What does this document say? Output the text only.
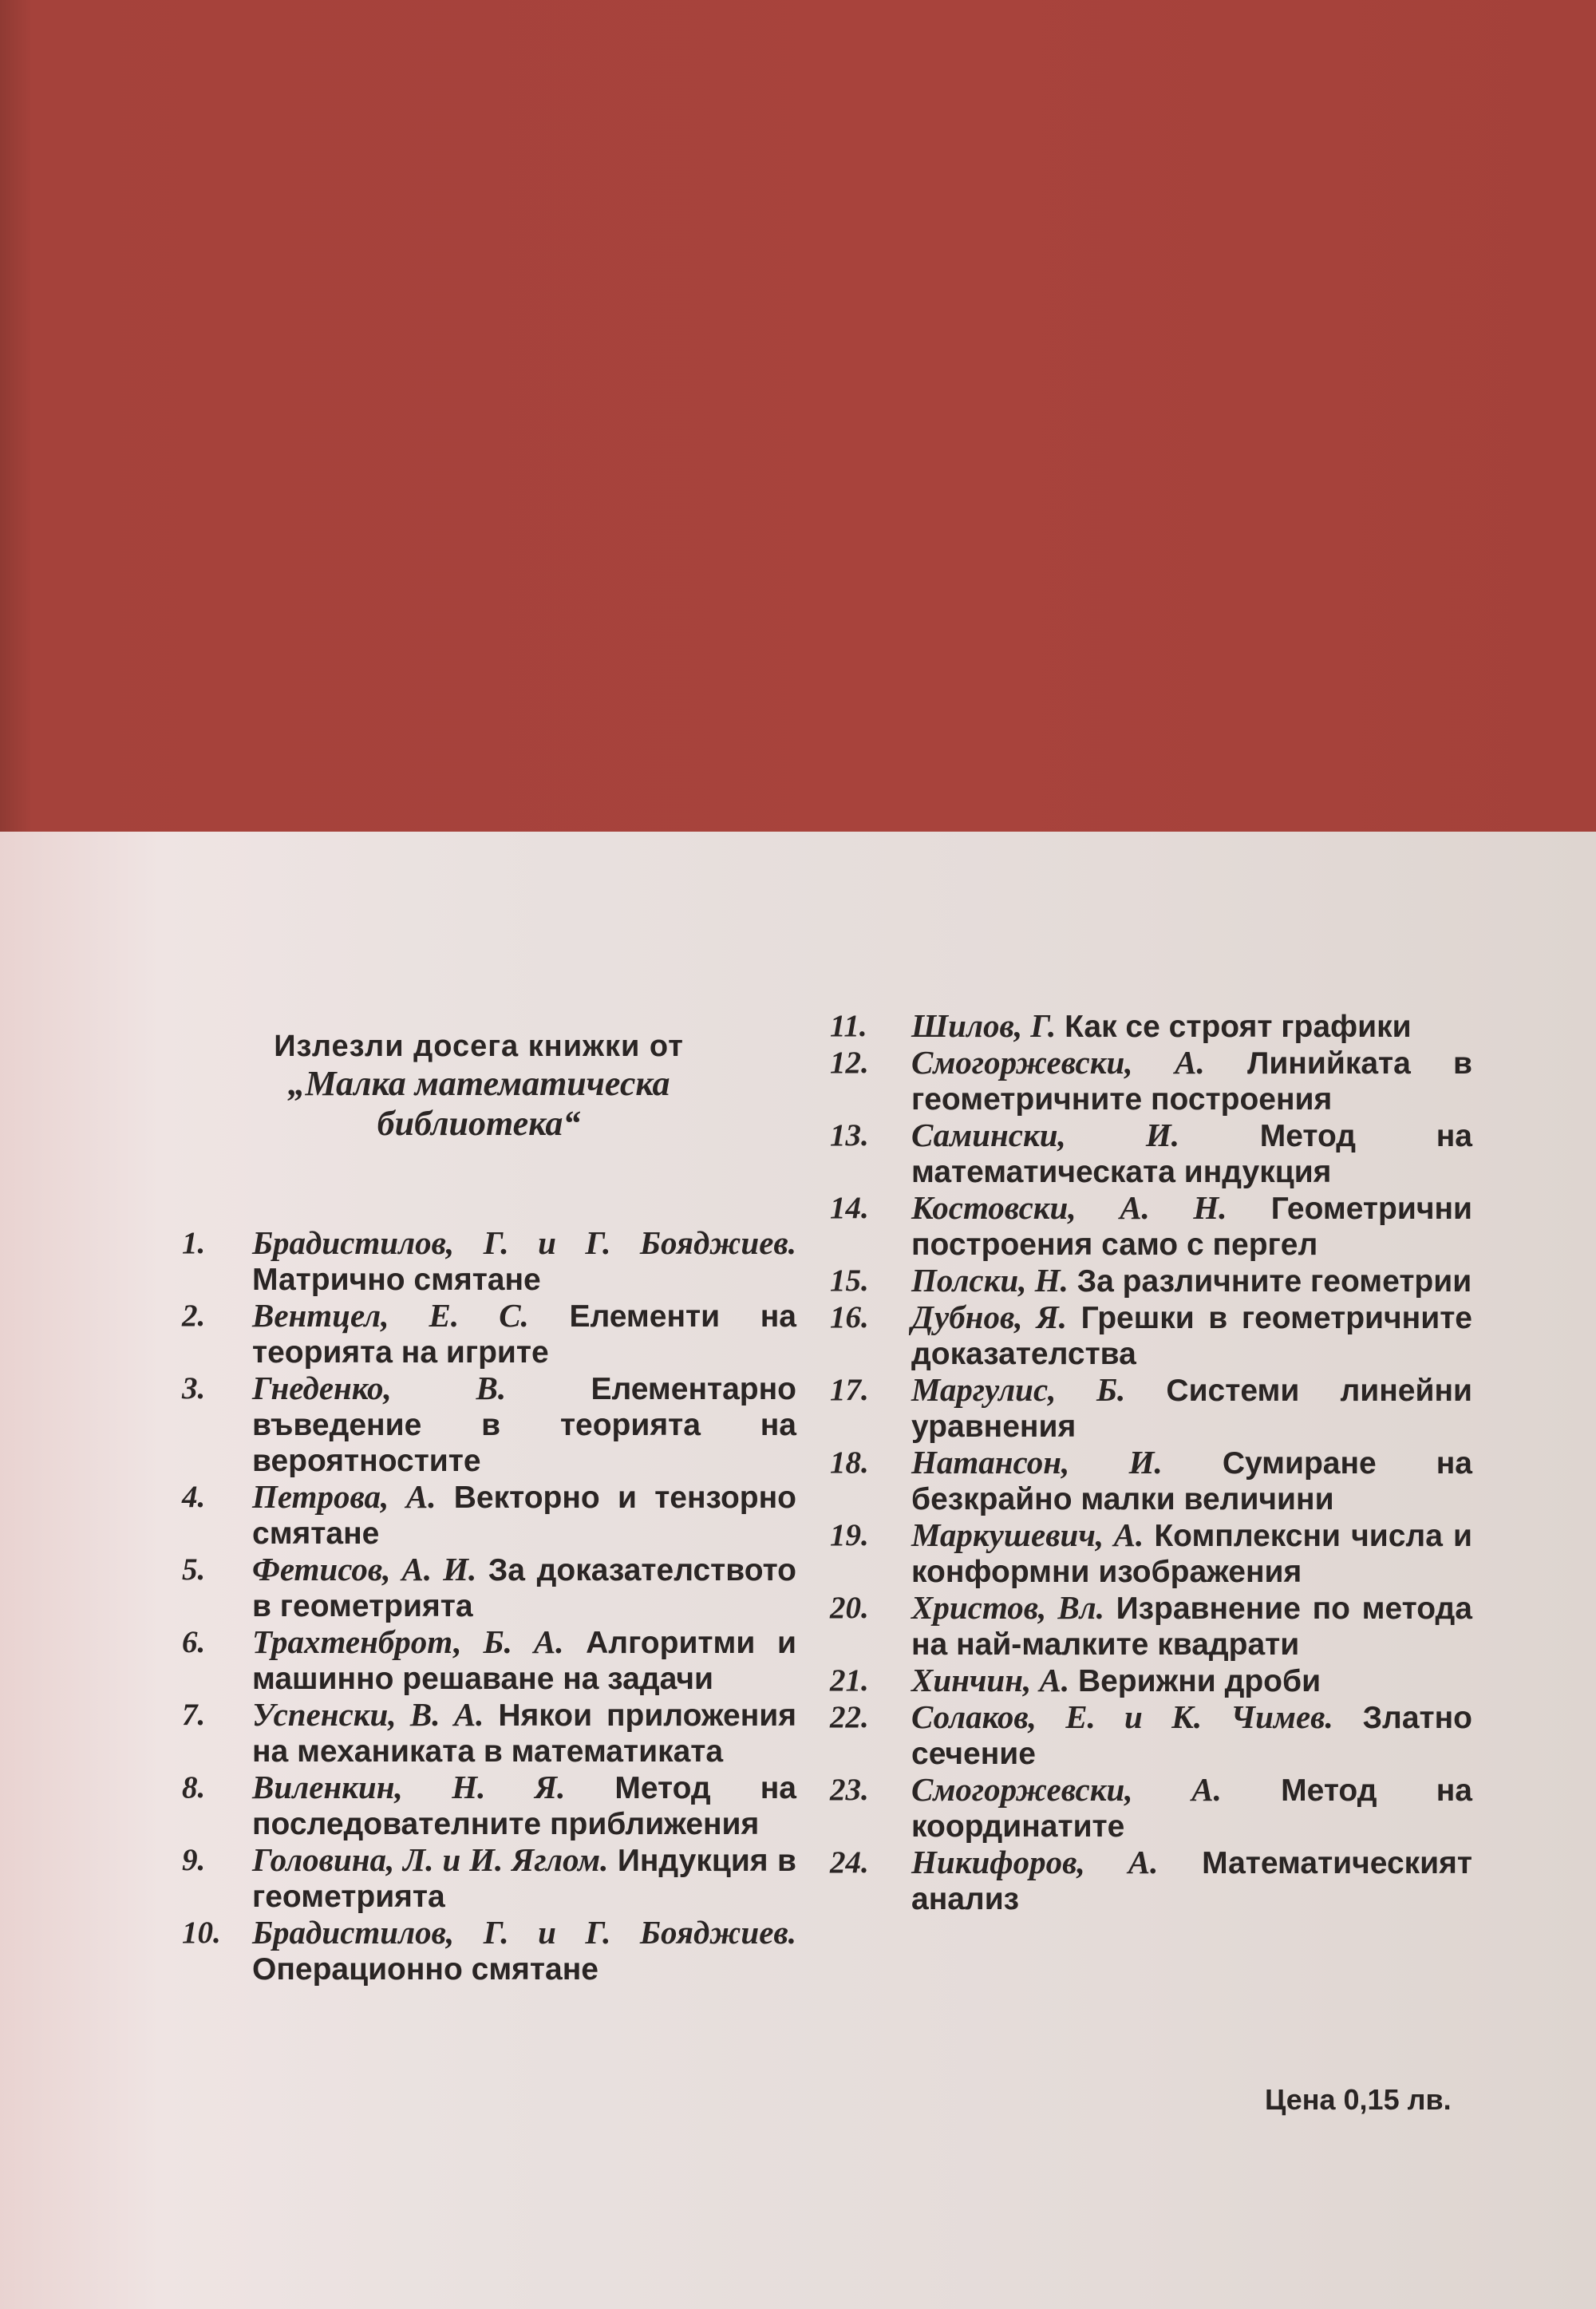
Излезли досега книжки от
„Малка математическа
библиотека“
1. Брадистилов, Г. и Г. Бояджиев. Матрично смятане
2. Вентцел, Е. С. Елементи на теорията на игрите
3. Гнеденко, В.	Елементарно въведение в теорията на вероятностите
4. Петрова, А. Векторно и тензорно смятане
5. Фетисов, А. И. За доказателството в геометрията
6. Трахтенброт, Б. А. Алгоритми и машинно решаване на задачи
7. Успенски, В. А. Някои приложения на механиката в математиката
8. Виленкин, Н. Я. Метод на последователните приближения
9. Головина, Л. и И. Яглом. Индукция в геометрията
10. Брадистилов, Г. и Г. Бояджиев. Операционно смятане
11. Шилов, Г. Как се строят графики
12. Смогоржевски, А. Линийката в геометричните построения
13. Самински, И.	Метод на математическата индукция
14. Костовски, А. Н. Геометрични построения само с пергел
15. Полски, Н. За различните геометрии
16. Дубнов, Я. Грешки в геометричните доказателства
17. Маргулис, Б. Системи линейни уравнения
18. Натансон, И. Сумиране на безкрайно малки величини
19. Маркушевич, А. Комплексни числа и конформни изображения
20. Христов, Вл. Изравнение по метода на най-малките квадрати
21. Хинчин, А. Верижни дроби
22. Солаков, Е. и К. Чимев. Златно сечение
23. Смогоржевски, А. Метод на координатите
24. Никифоров, А. Математическият анализ
Цена 0,15 лв.
